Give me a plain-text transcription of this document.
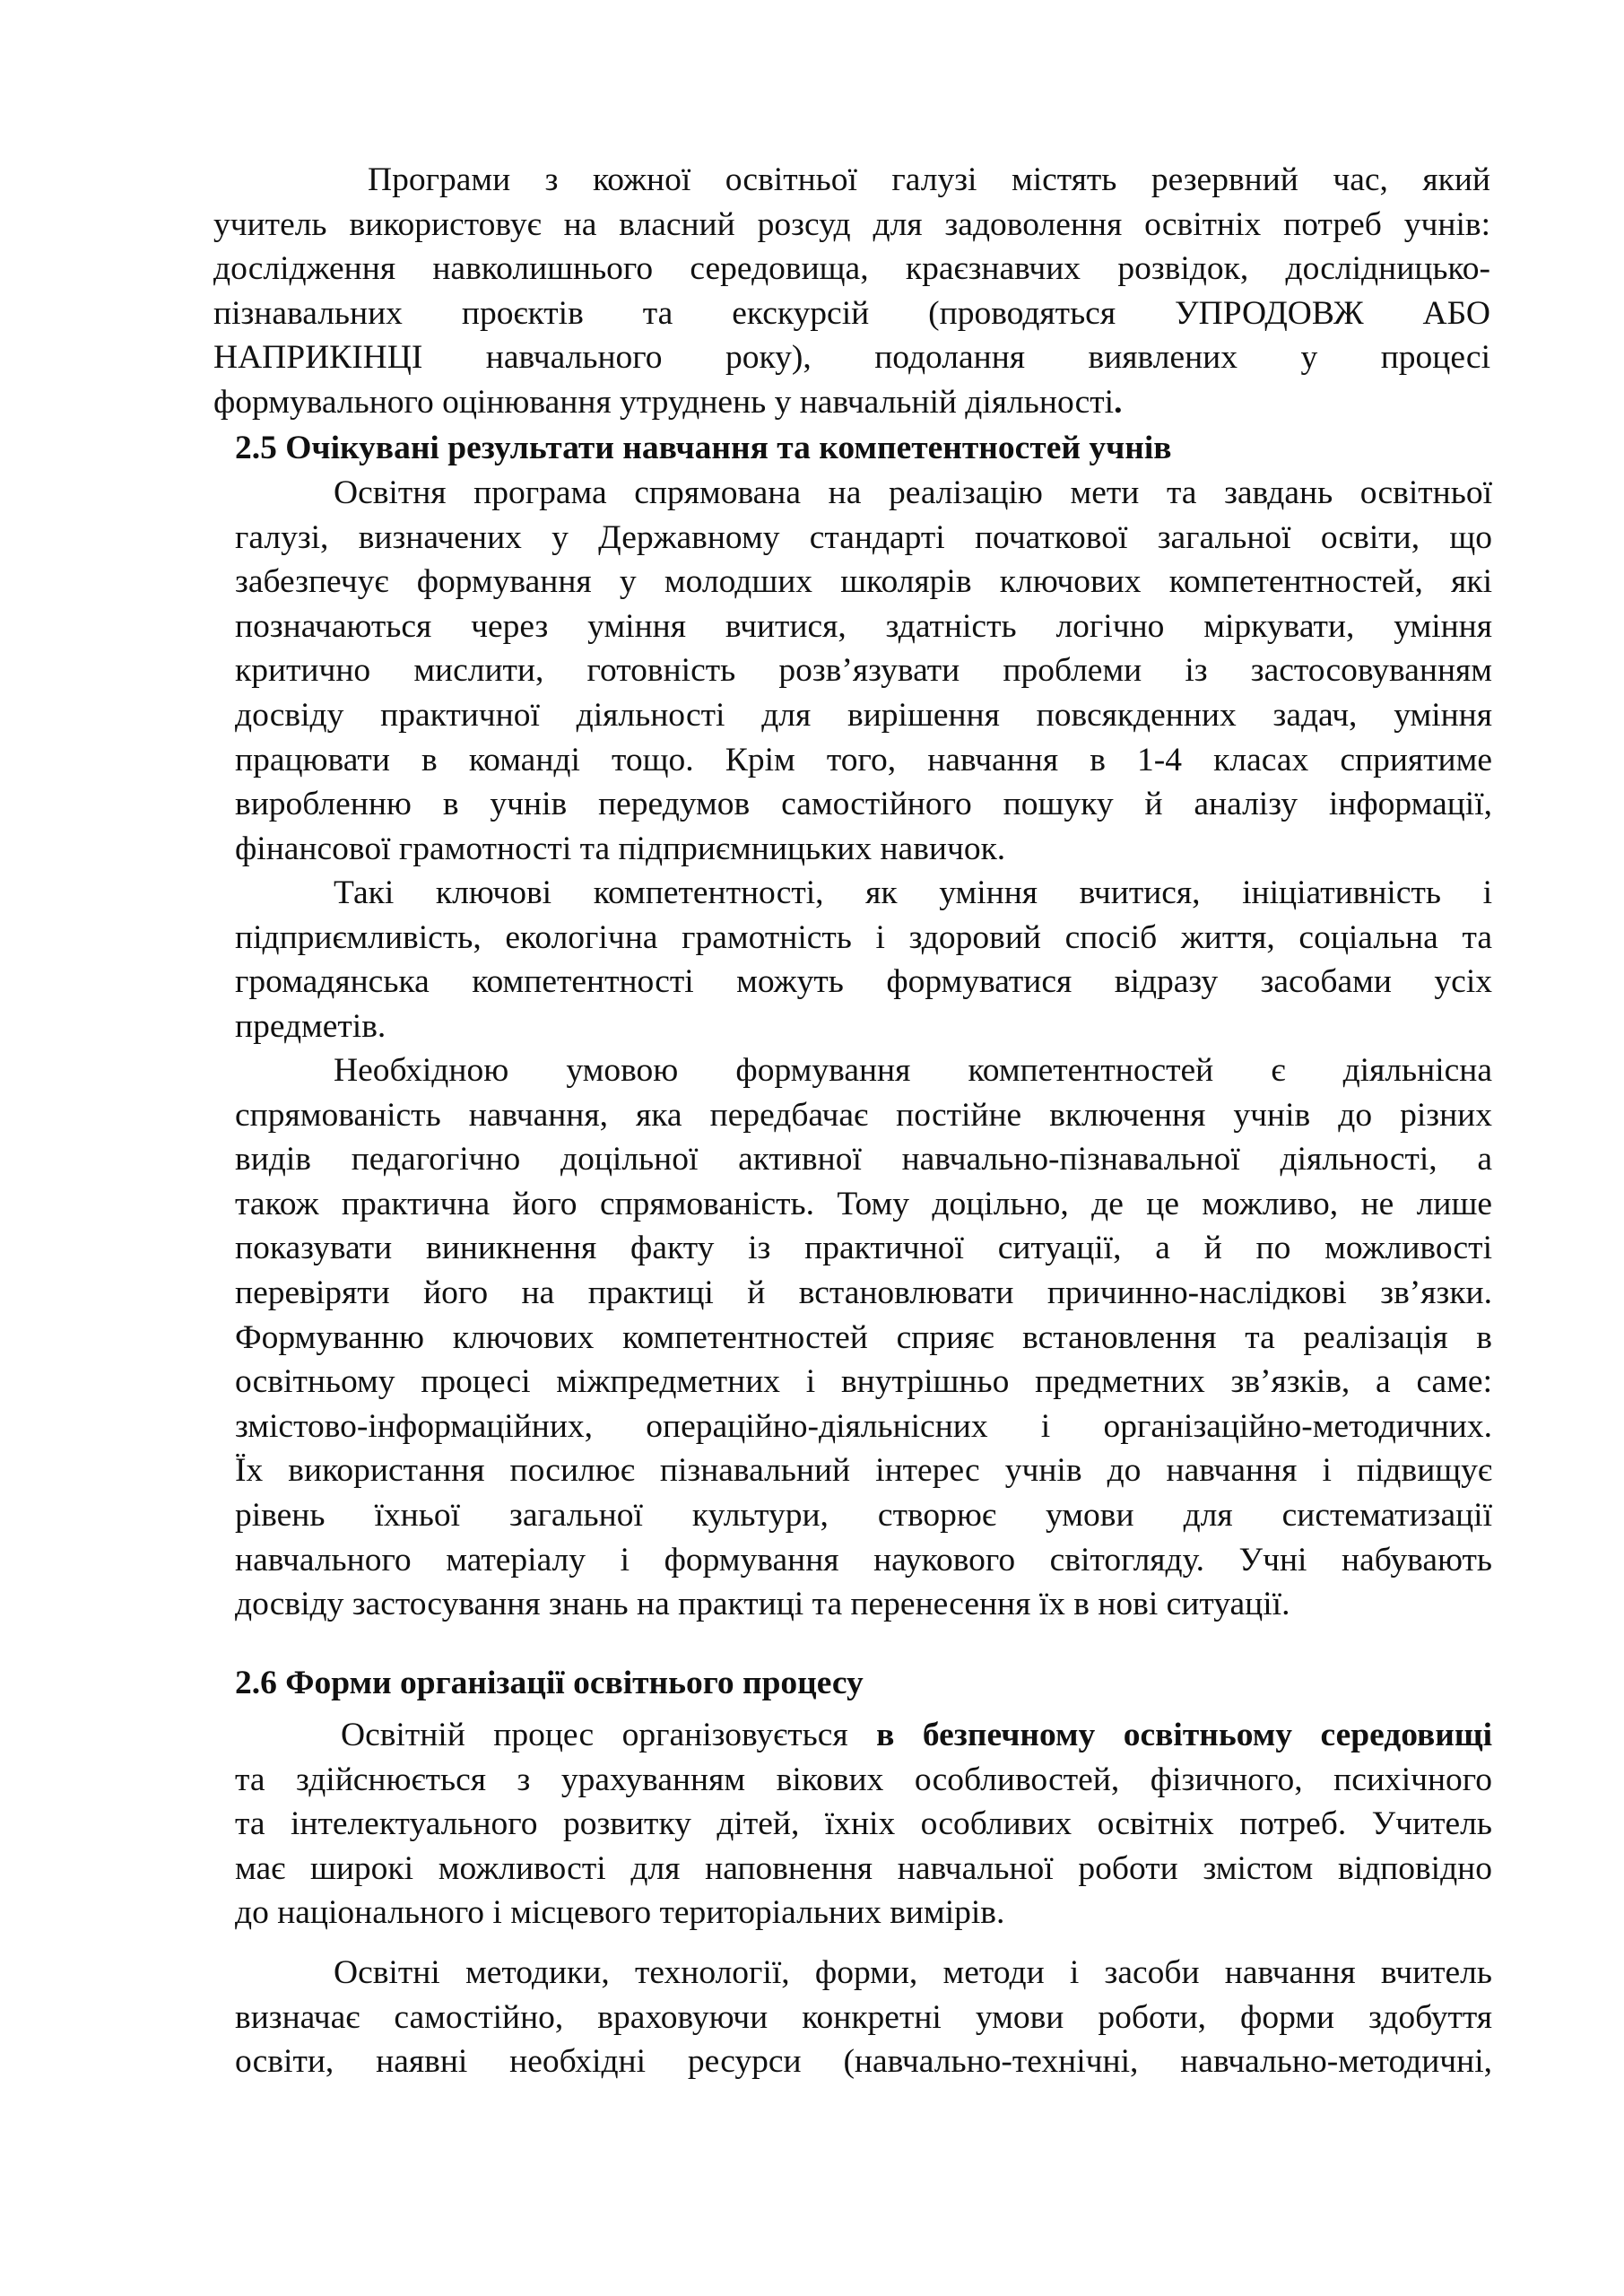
Програми з кожної освітньої галузі містять резервний час, який
учитель використовує на власний розсуд для задоволення освітніх потреб учнів:
дослідження навколишнього середовища, краєзнавчих розвідок, дослідницько-
пізнавальних проєктів та екскурсій (проводяться УПРОДОВЖ АБО
НАПРИКІНЦІ навчального року), подолання виявлених у процесі
формувального оцінювання утруднень у навчальній діяльності.
2.5 Очікувані результати навчання та компетентностей учнів
Освітня програма спрямована на реалізацію мети та завдань освітньої
галузі, визначених у Державному стандарті початкової загальної освіти, що
забезпечує формування у молодших школярів ключових компетентностей, які
позначаються через уміння вчитися, здатність логічно міркувати, уміння
критично мислити, готовність розв’язувати проблеми із застосовуванням
досвіду практичної діяльності для вирішення повсякденних задач, уміння
працювати в команді тощо. Крім того, навчання в 1-4 класах сприятиме
виробленню в учнів передумов самостійного пошуку й аналізу інформації,
фінансової грамотності та підприємницьких навичок.
Такі ключові компетентності, як уміння вчитися, ініціативність і
підприємливість, екологічна грамотність і здоровий спосіб життя, соціальна та
громадянська компетентності можуть формуватися відразу засобами усіх
предметів.
Необхідною умовою формування компетентностей є діяльнісна
спрямованість навчання, яка передбачає постійне включення учнів до різних
видів педагогічно доцільної активної навчально-пізнавальної діяльності, а
також практична його спрямованість. Тому доцільно, де це можливо, не лише
показувати виникнення факту із практичної ситуації, а й по можливості
перевіряти його на практиці й встановлювати причинно-наслідкові зв’язки.
Формуванню ключових компетентностей сприяє встановлення та реалізація в
освітньому процесі міжпредметних і внутрішньо предметних зв’язків, а саме:
змістово-інформаційних, операційно-діяльнісних і організаційно-методичних.
Їх використання посилює пізнавальний інтерес учнів до навчання і підвищує
рівень їхньої загальної культури, створює умови для систематизації
навчального матеріалу і формування наукового світогляду. Учні набувають
досвіду застосування знань на практиці та перенесення їх в нові ситуації.
2.6 Форми організації освітнього процесу
Освітній процес організовується в безпечному освітньому середовищі
та здійснюється з урахуванням вікових особливостей, фізичного, психічного
та інтелектуального розвитку дітей, їхніх особливих освітніх потреб. Учитель
має широкі можливості для наповнення навчальної роботи змістом відповідно
до національного і місцевого територіальних вимірів.
Освітні методики, технології, форми, методи і засоби навчання вчитель
визначає самостійно, враховуючи конкретні умови роботи, форми здобуття
освіти, наявні необхідні ресурси (навчально-технічні, навчально-методичні,
